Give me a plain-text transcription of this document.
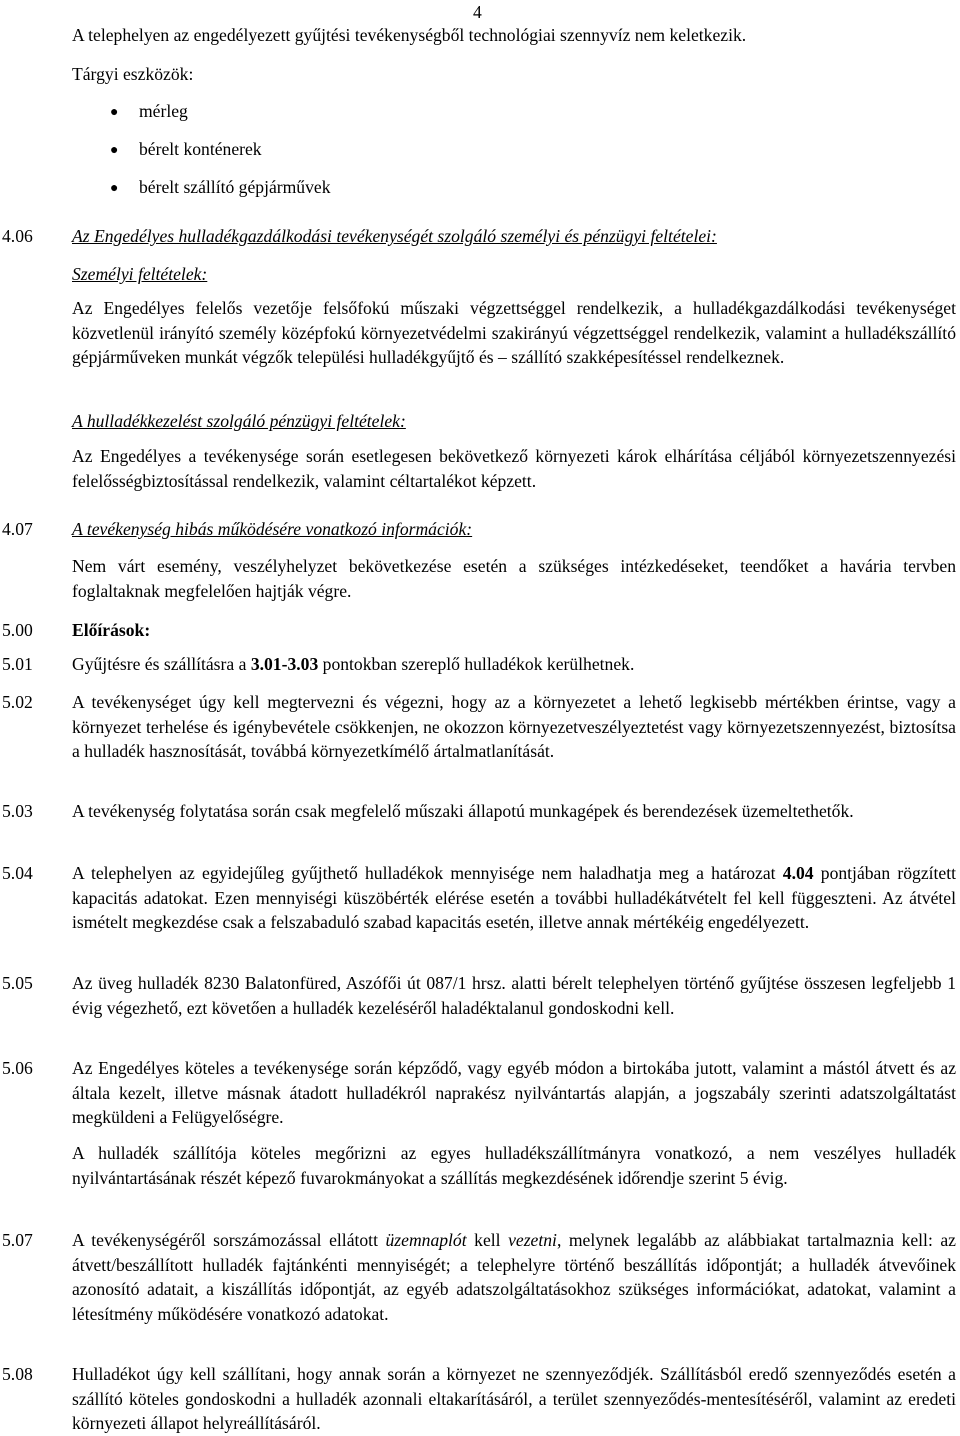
4
A telephelyen az engedélyezett gyűjtési tevékenységből technológiai szennyvíz nem keletkezik.
Tárgyi eszközök:
● mérleg
● bérelt konténerek
● bérelt szállító gépjárművek
4.06 Az Engedélyes hulladékgazdálkodási tevékenységét szolgáló személyi és pénzügyi feltételei:
Személyi feltételek:
Az Engedélyes felelős vezetője felsőfokú műszaki végzettséggel rendelkezik, a hulladékgazdálkodási tevékenységet közvetlenül irányító személy középfokú környezetvédelmi szakirányú végzettséggel rendelkezik, valamint a hulladékszállító gépjárműveken munkát végzők települési hulladékgyűjtő és – szállító szakképesítéssel rendelkeznek.
A hulladékkezelést szolgáló pénzügyi feltételek:
Az Engedélyes a tevékenysége során esetlegesen bekövetkező környezeti károk elhárítása céljából környezetszennyezési felelősségbiztosítással rendelkezik, valamint céltartalékot képzett.
4.07 A tevékenység hibás működésére vonatkozó információk:
Nem várt esemény, veszélyhelyzet bekövetkezése esetén a szükséges intézkedéseket, teendőket a havária tervben foglaltaknak megfelelően hajtják végre.
5.00 Előírások:
5.01 Gyűjtésre és szállításra a 3.01-3.03 pontokban szereplő hulladékok kerülhetnek.
5.02 A tevékenységet úgy kell megtervezni és végezni, hogy az a környezetet a lehető legkisebb mértékben érintse, vagy a környezet terhelése és igénybevétele csökkenjen, ne okozzon környezetveszélyeztetést vagy környezetszennyezést, biztosítsa a hulladék hasznosítását, továbbá környezetkímélő ártalmatlanítását.
5.03 A tevékenység folytatása során csak megfelelő műszaki állapotú munkagépek és berendezések üzemeltethetők.
5.04 A telephelyen az egyidejűleg gyűjthető hulladékok mennyisége nem haladhatja meg a határozat 4.04 pontjában rögzített kapacitás adatokat. Ezen mennyiségi küszöbérték elérése esetén a további hulladékátvételt fel kell függeszteni. Az átvétel ismételt megkezdése csak a felszabaduló szabad kapacitás esetén, illetve annak mértékéig engedélyezett.
5.05 Az üveg hulladék 8230 Balatonfüred, Aszófői út 087/1 hrsz. alatti bérelt telephelyen történő gyűjtése összesen legfeljebb 1 évig végezhető, ezt követően a hulladék kezeléséről haladéktalanul gondoskodni kell.
5.06 Az Engedélyes köteles a tevékenysége során képződő, vagy egyéb módon a birtokába jutott, valamint a mástól átvett és az általa kezelt, illetve másnak átadott hulladékról naprakész nyilvántartás alapján, a jogszabály szerinti adatszolgáltatást megküldeni a Felügyelőségre.
A hulladék szállítója köteles megőrizni az egyes hulladékszállítmányra vonatkozó, a nem veszélyes hulladék nyilvántartásának részét képező fuvarokmányokat a szállítás megkezdésének időrendje szerint 5 évig.
5.07 A tevékenységéről sorszámozással ellátott üzemnaplót kell vezetni, melynek legalább az alábbiakat tartalmaznia kell: az átvett/beszállított hulladék fajtánkénti mennyiségét; a telephelyre történő beszállítás időpontját; a hulladék átvevőinek azonosító adatait, a kiszállítás időpontját, az egyéb adatszolgáltatásokhoz szükséges információkat, adatokat, valamint a létesítmény működésére vonatkozó adatokat.
5.08 Hulladékot úgy kell szállítani, hogy annak során a környezet ne szennyeződjék. Szállításból eredő szennyeződés esetén a szállító köteles gondoskodni a hulladék azonnali eltakarításáról, a terület szennyeződés-mentesítéséről, valamint az eredeti környezeti állapot helyreállításáról.
